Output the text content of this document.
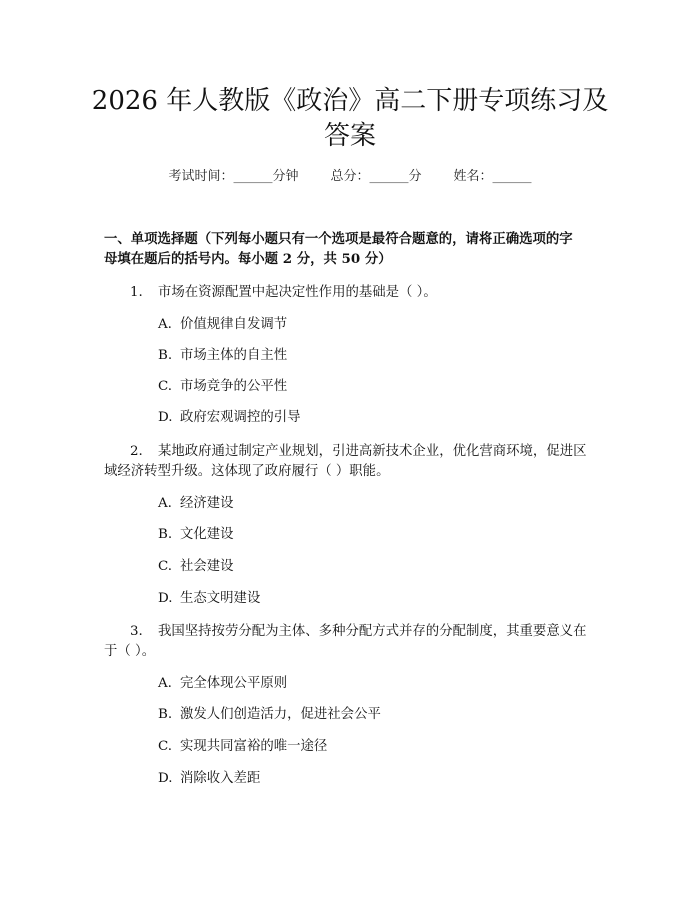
2026 年人教版《政治》高二下册专项练习及
答案
考试时间：______分钟 总分：______分 姓名：______
一、单项选择题（下列每小题只有一个选项是最符合题意的，请将正确选项的字
母填在题后的括号内。每小题 2 分，共 50 分）
1. 市场在资源配置中起决定性作用的基础是（ ）。
A. 价值规律自发调节
B. 市场主体的自主性
C. 市场竞争的公平性
D. 政府宏观调控的引导
2. 某地政府通过制定产业规划，引进高新技术企业，优化营商环境，促进区
域经济转型升级。这体现了政府履行（ ）职能。
A. 经济建设
B. 文化建设
C. 社会建设
D. 生态文明建设
3. 我国坚持按劳分配为主体、多种分配方式并存的分配制度，其重要意义在
于（ ）。
A. 完全体现公平原则
B. 激发人们创造活力，促进社会公平
C. 实现共同富裕的唯一途径
D. 消除收入差距
